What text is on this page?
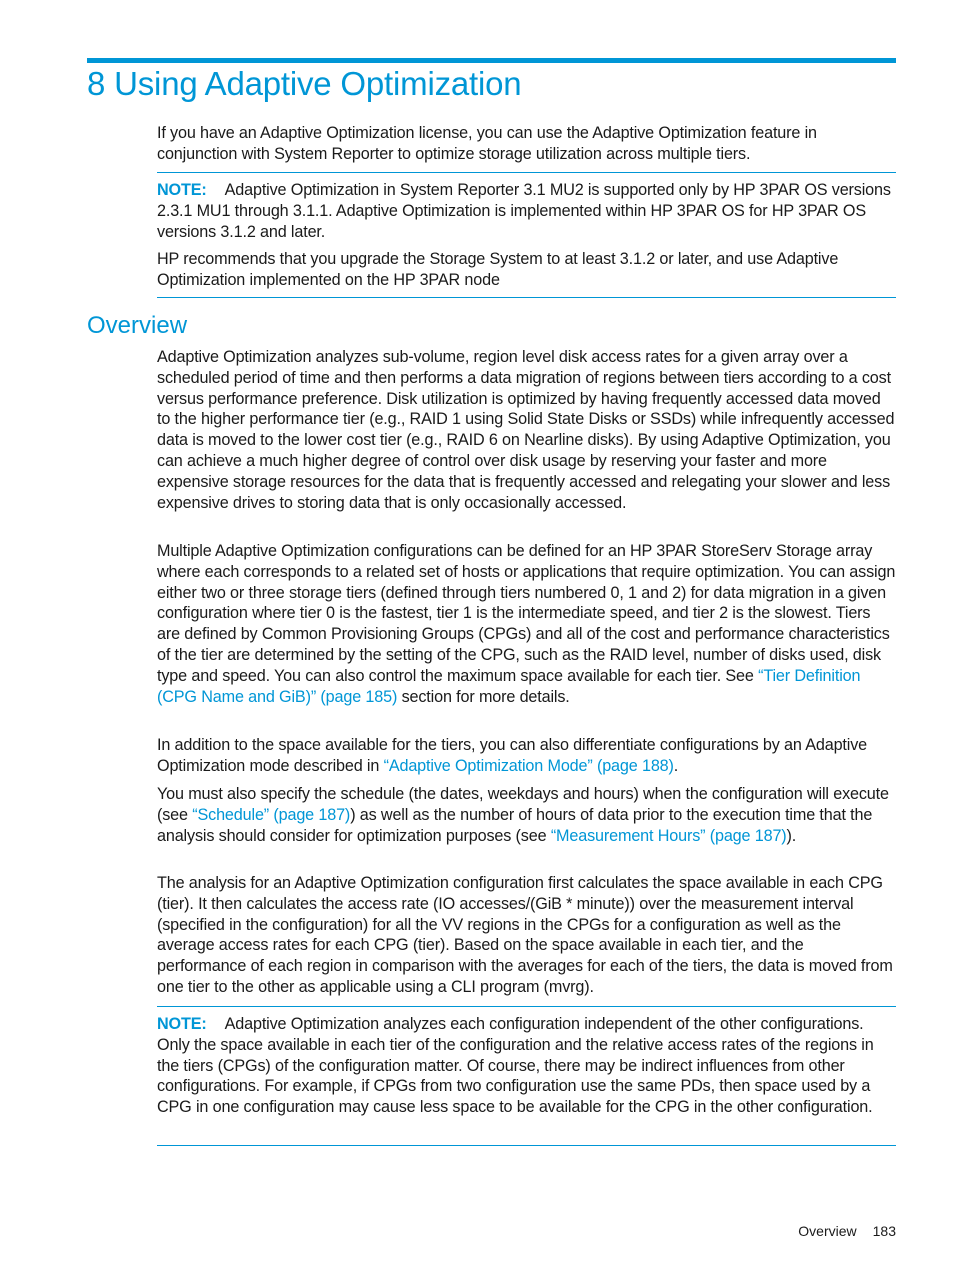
8 Using Adaptive Optimization

If you have an Adaptive Optimization license, you can use the Adaptive Optimization feature in conjunction with System Reporter to optimize storage utilization across multiple tiers.

NOTE: Adaptive Optimization in System Reporter 3.1 MU2 is supported only by HP 3PAR OS versions 2.3.1 MU1 through 3.1.1. Adaptive Optimization is implemented within HP 3PAR OS for HP 3PAR OS versions 3.1.2 and later.

HP recommends that you upgrade the Storage System to at least 3.1.2 or later, and use Adaptive Optimization implemented on the HP 3PAR node

Overview

Adaptive Optimization analyzes sub-volume, region level disk access rates for a given array over a scheduled period of time and then performs a data migration of regions between tiers according to a cost versus performance preference. Disk utilization is optimized by having frequently accessed data moved to the higher performance tier (e.g., RAID 1 using Solid State Disks or SSDs) while infrequently accessed data is moved to the lower cost tier (e.g., RAID 6 on Nearline disks). By using Adaptive Optimization, you can achieve a much higher degree of control over disk usage by reserving your faster and more expensive storage resources for the data that is frequently accessed and relegating your slower and less expensive drives to storing data that is only occasionally accessed.

Multiple Adaptive Optimization configurations can be defined for an HP 3PAR StoreServ Storage array where each corresponds to a related set of hosts or applications that require optimization. You can assign either two or three storage tiers (defined through tiers numbered 0, 1 and 2) for data migration in a given configuration where tier 0 is the fastest, tier 1 is the intermediate speed, and tier 2 is the slowest. Tiers are defined by Common Provisioning Groups (CPGs) and all of the cost and performance characteristics of the tier are determined by the setting of the CPG, such as the RAID level, number of disks used, disk type and speed. You can also control the maximum space available for each tier. See “Tier Definition (CPG Name and GiB)” (page 185) section for more details.

In addition to the space available for the tiers, you can also differentiate configurations by an Adaptive Optimization mode described in “Adaptive Optimization Mode” (page 188).

You must also specify the schedule (the dates, weekdays and hours) when the configuration will execute (see “Schedule” (page 187)) as well as the number of hours of data prior to the execution time that the analysis should consider for optimization purposes (see “Measurement Hours” (page 187)).

The analysis for an Adaptive Optimization configuration first calculates the space available in each CPG (tier). It then calculates the access rate (IO accesses/(GiB * minute)) over the measurement interval (specified in the configuration) for all the VV regions in the CPGs for a configuration as well as the average access rates for each CPG (tier). Based on the space available in each tier, and the performance of each region in comparison with the averages for each of the tiers, the data is moved from one tier to the other as applicable using a CLI program (mvrg).

NOTE: Adaptive Optimization analyzes each configuration independent of the other configurations. Only the space available in each tier of the configuration and the relative access rates of the regions in the tiers (CPGs) of the configuration matter. Of course, there may be indirect influences from other configurations. For example, if CPGs from two configuration use the same PDs, then space used by a CPG in one configuration may cause less space to be available for the CPG in the other configuration.

Overview 183
